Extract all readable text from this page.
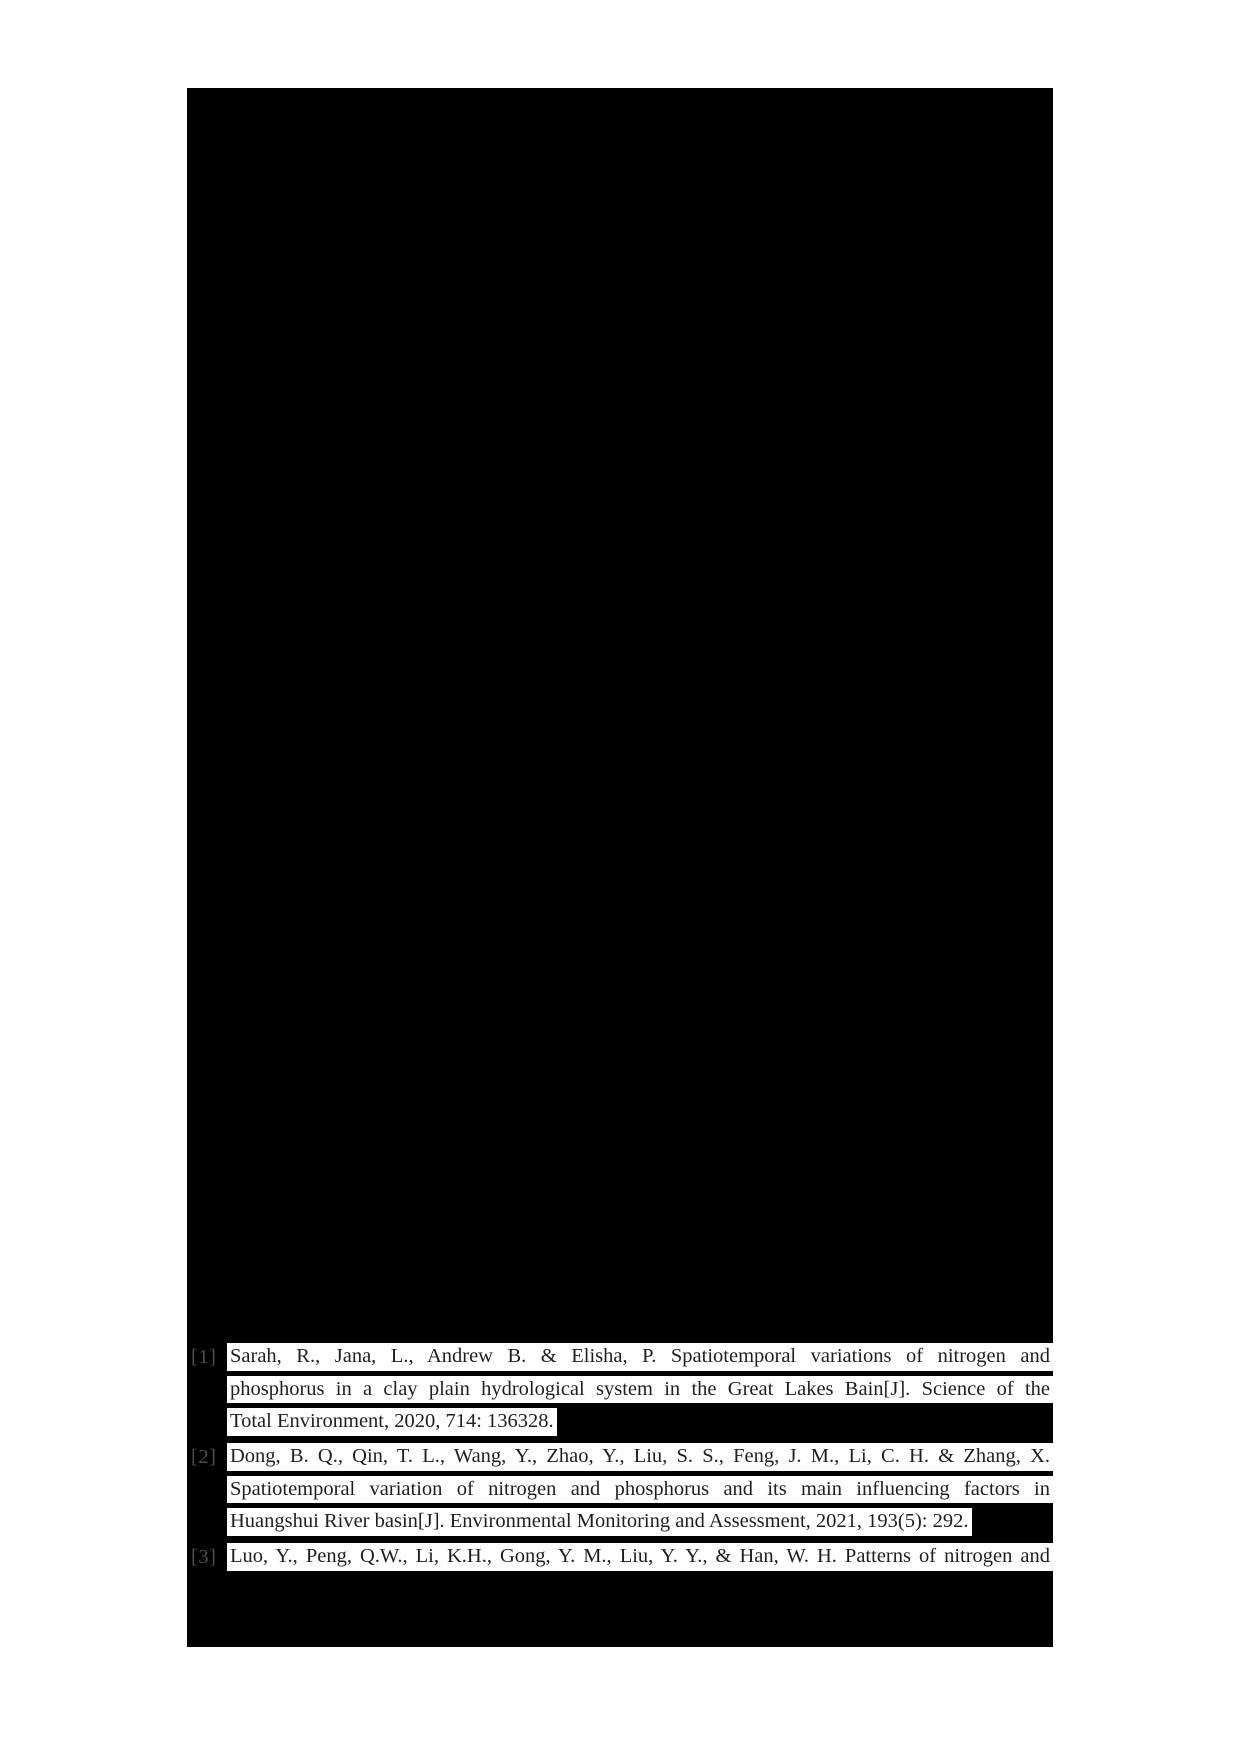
[1] Sarah, R., Jana, L., Andrew B. & Elisha, P. Spatiotemporal variations of nitrogen and
phosphorus in a clay plain hydrological system in the Great Lakes Bain[J]. Science of the
Total Environment, 2020, 714: 136328.
[2] Dong, B. Q., Qin, T. L., Wang, Y., Zhao, Y., Liu, S. S., Feng, J. M., Li, C. H. & Zhang, X.
Spatiotemporal variation of nitrogen and phosphorus and its main influencing factors in
Huangshui River basin[J]. Environmental Monitoring and Assessment, 2021, 193(5): 292.
[3] Luo, Y., Peng, Q.W., Li, K.H., Gong, Y. M., Liu, Y. Y., & Han, W. H. Patterns of nitrogen and
